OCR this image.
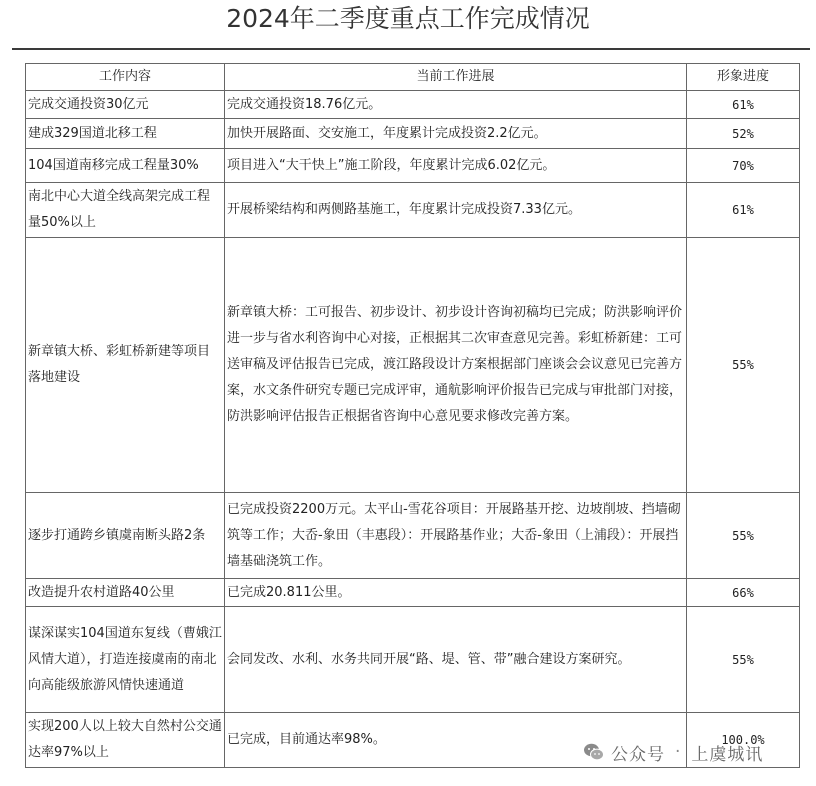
2024年二季度重点工作完成情况
工作内容	当前工作进展	形象进度
完成交通投资30亿元	完成交通投资18.76亿元。	61%
建成329国道北移工程	加快开展路面、交安施工，年度累计完成投资2.2亿元。	52%
104国道南移完成工程量30%	项目进入“大干快上”施工阶段，年度累计完成6.02亿元。	70%
南北中心大道全线高架完成工程量50%以上	开展桥梁结构和两侧路基施工，年度累计完成投资7.33亿元。	61%
新章镇大桥、彩虹桥新建等项目落地建设	新章镇大桥：工可报告、初步设计、初步设计咨询初稿均已完成；防洪影响评价进一步与省水利咨询中心对接，正根据其二次审查意见完善。彩虹桥新建：工可送审稿及评估报告已完成，渡江路段设计方案根据部门座谈会会议意见已完善方案，水文条件研究专题已完成评审，通航影响评价报告已完成与审批部门对接，防洪影响评估报告正根据省咨询中心意见要求修改完善方案。	55%
逐步打通跨乡镇虞南断头路2条	已完成投资2200万元。太平山-雪花谷项目：开展路基开挖、边坡削坡、挡墙砌筑等工作；大岙-象田（丰惠段）：开展路基作业；大岙-象田（上浦段）：开展挡墙基础浇筑工作。	55%
改造提升农村道路40公里	已完成20.811公里。	66%
谋深谋实104国道东复线（曹娥江风情大道），打造连接虞南的南北向高能级旅游风情快速通道	会同发改、水利、水务共同开展“路、堤、管、带”融合建设方案研究。	55%
实现200人以上较大自然村公交通达率97%以上	已完成，目前通达率98%。	100.0%
公众号 · 上虞城讯
